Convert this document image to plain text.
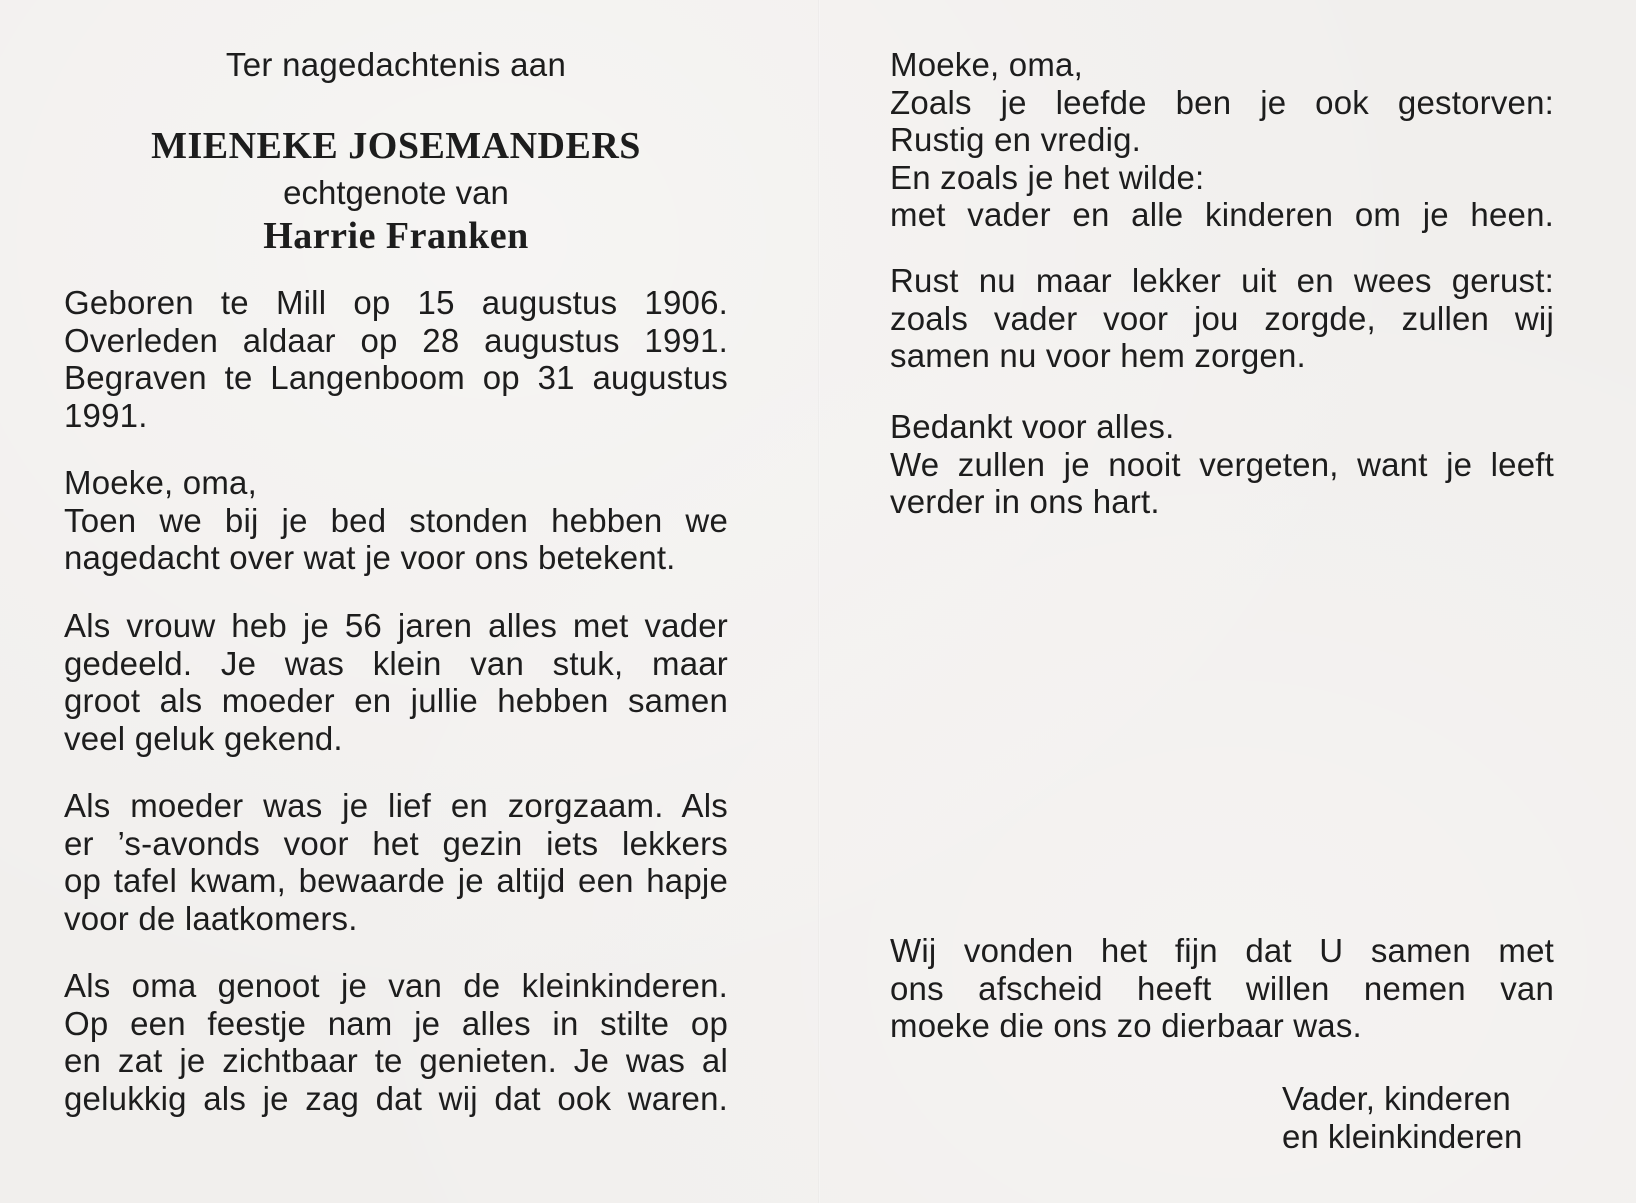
Ter nagedachtenis aan
MIENEKE JOSEMANDERS
echtgenote van
Harrie Franken
Geboren te Mill op 15 augustus 1906.
Overleden aldaar op 28 augustus 1991.
Begraven te Langenboom op 31 augustus
1991.
Moeke, oma,
Toen we bij je bed stonden hebben we
nagedacht over wat je voor ons betekent.
Als vrouw heb je 56 jaren alles met vader
gedeeld. Je was klein van stuk, maar
groot als moeder en jullie hebben samen
veel geluk gekend.
Als moeder was je lief en zorgzaam. Als
er ’s-avonds voor het gezin iets lekkers
op tafel kwam, bewaarde je altijd een hapje
voor de laatkomers.
Als oma genoot je van de kleinkinderen.
Op een feestje nam je alles in stilte op
en zat je zichtbaar te genieten. Je was al
gelukkig als je zag dat wij dat ook waren.
Moeke, oma,
Zoals je leefde ben je ook gestorven:
Rustig en vredig.
En zoals je het wilde:
met vader en alle kinderen om je heen.
Rust nu maar lekker uit en wees gerust:
zoals vader voor jou zorgde, zullen wij
samen nu voor hem zorgen.
Bedankt voor alles.
We zullen je nooit vergeten, want je leeft
verder in ons hart.
Wij vonden het fijn dat U samen met
ons afscheid heeft willen nemen van
moeke die ons zo dierbaar was.
Vader, kinderen
en kleinkinderen
